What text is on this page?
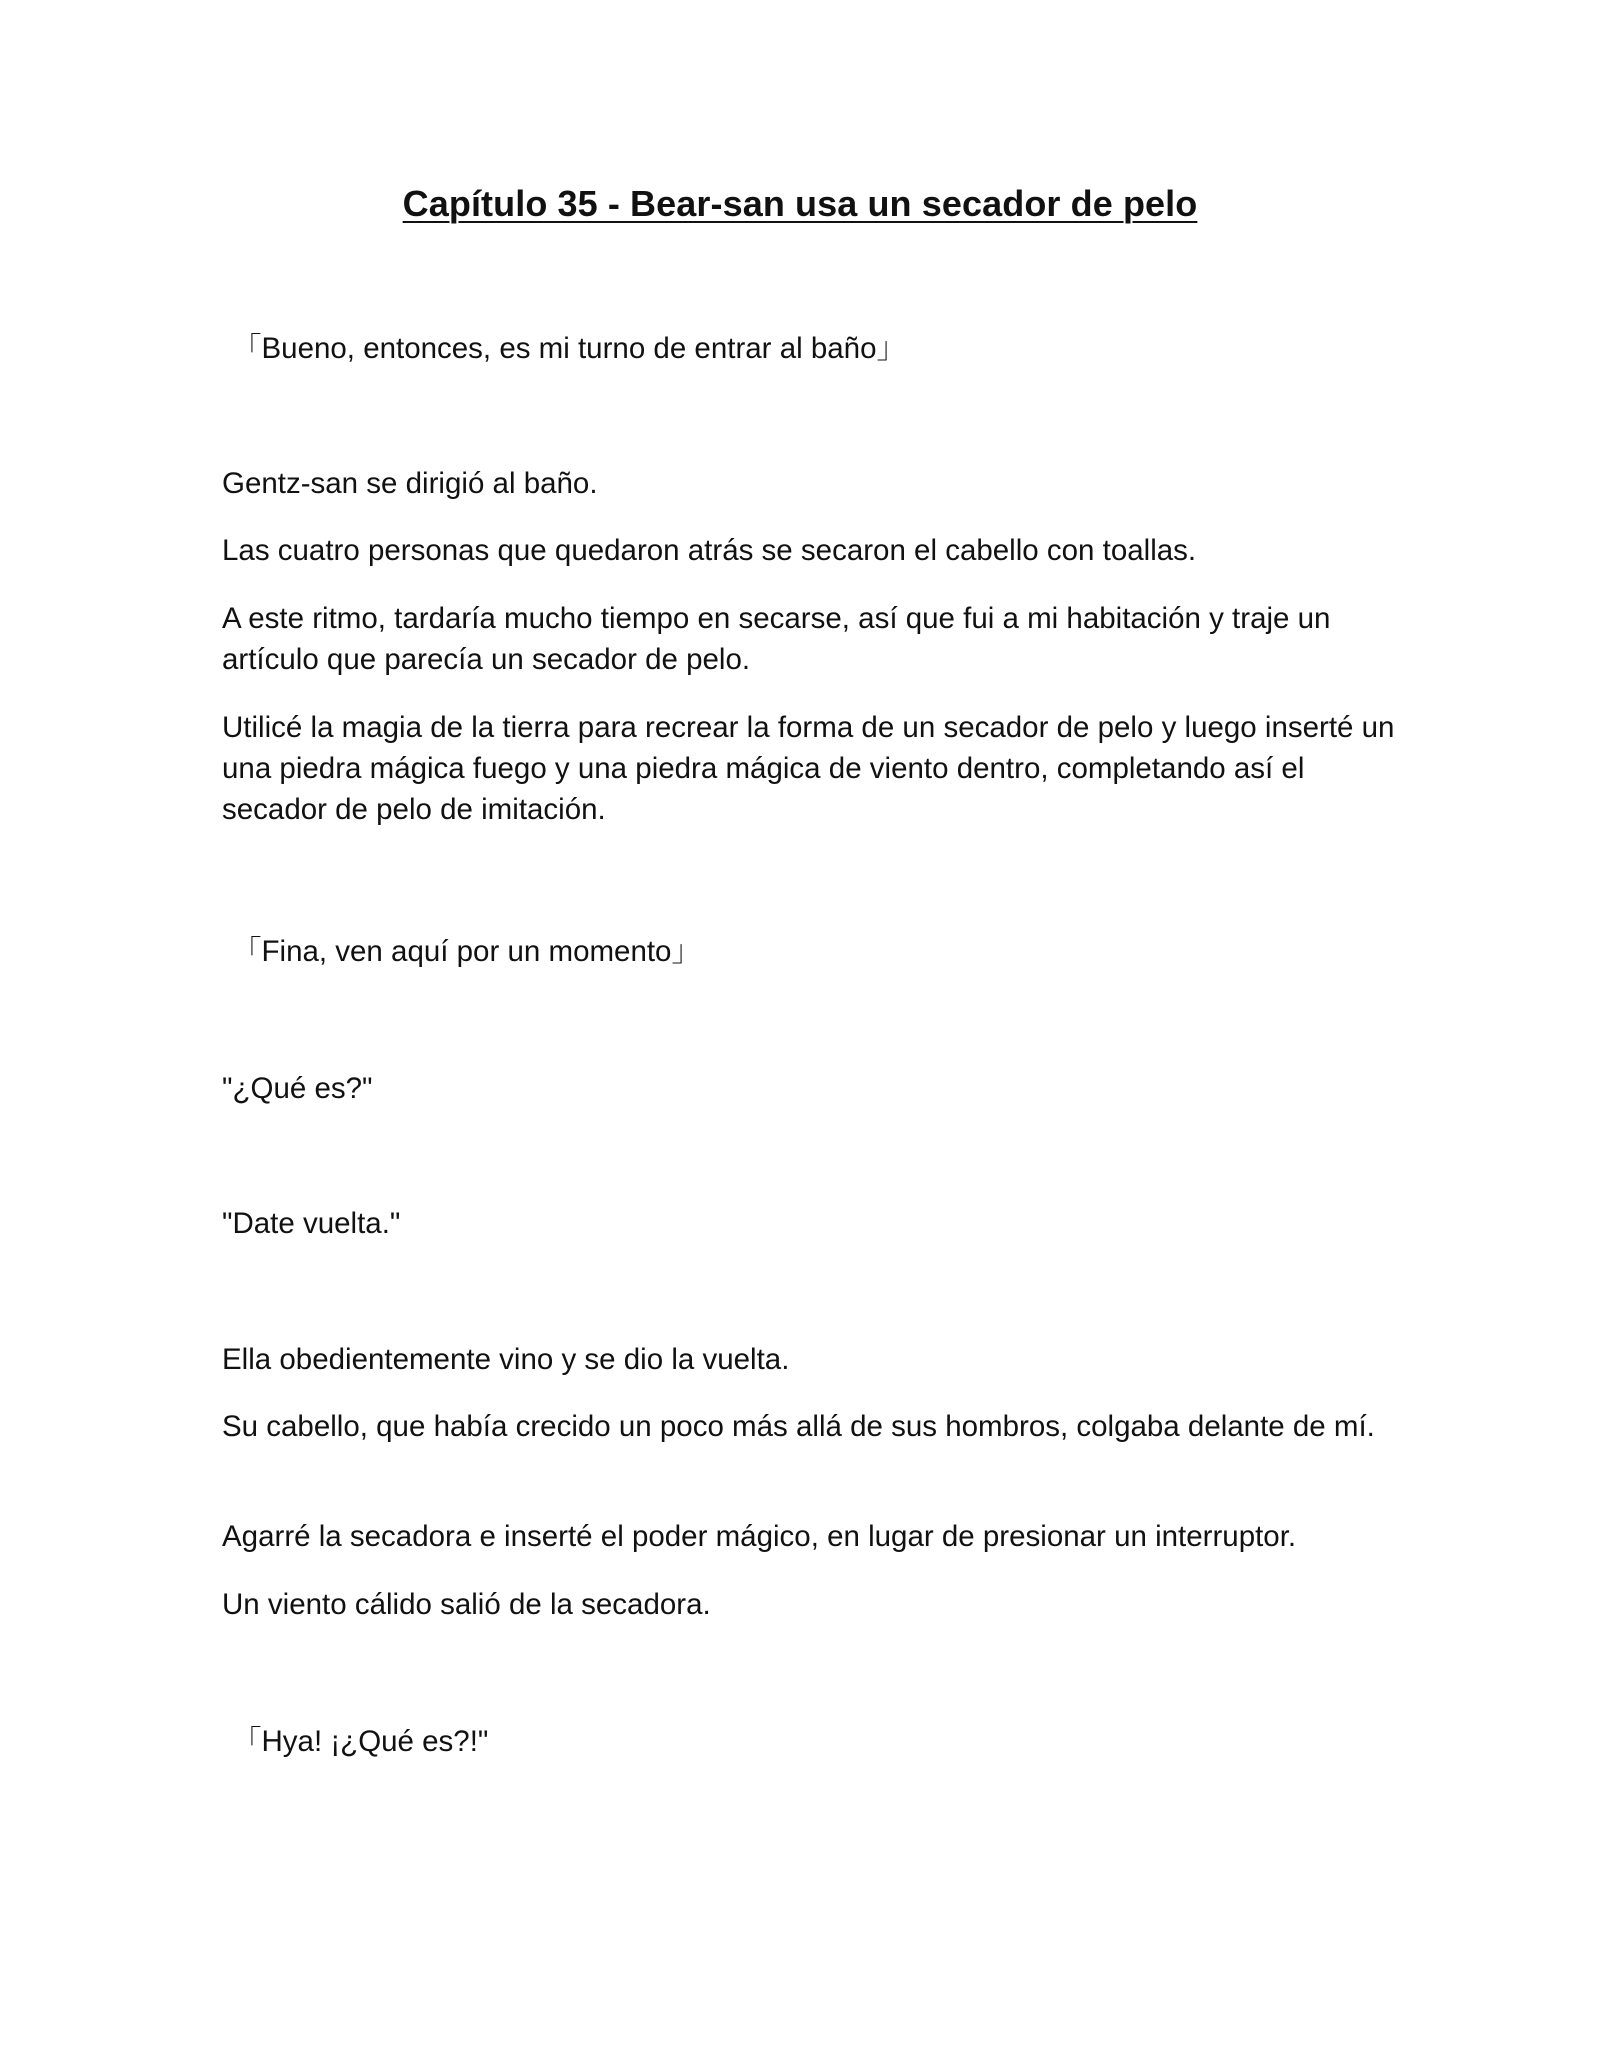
Capítulo 35 - Bear-san usa un secador de pelo

「Bueno, entonces, es mi turno de entrar al baño」

Gentz-san se dirigió al baño.

Las cuatro personas que quedaron atrás se secaron el cabello con toallas.

A este ritmo, tardaría mucho tiempo en secarse, así que fui a mi habitación y traje un artículo que parecía un secador de pelo.

Utilicé la magia de la tierra para recrear la forma de un secador de pelo y luego inserté un una piedra mágica fuego y una piedra mágica de viento dentro, completando así el secador de pelo de imitación.

「Fina, ven aquí por un momento」

"¿Qué es?"

"Date vuelta."

Ella obedientemente vino y se dio la vuelta.

Su cabello, que había crecido un poco más allá de sus hombros, colgaba delante de mí.

Agarré la secadora e inserté el poder mágico, en lugar de presionar un interruptor.

Un viento cálido salió de la secadora.

「Hya! ¡¿Qué es?!"
